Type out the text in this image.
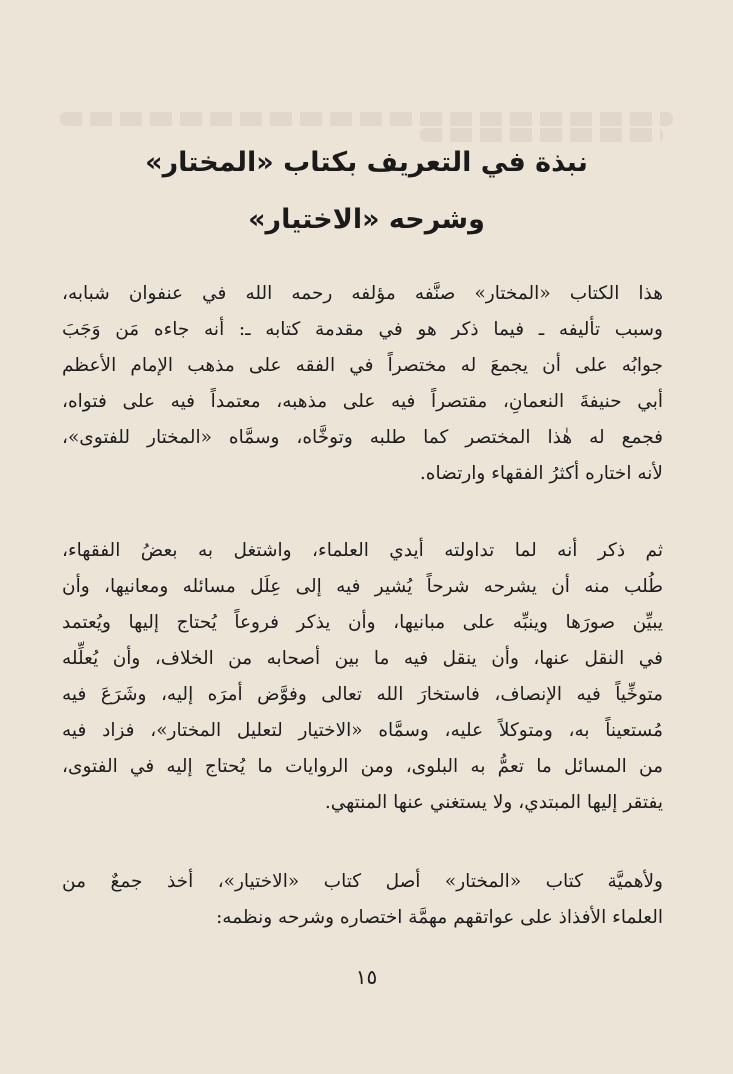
نبذة في التعريف بكتاب «المختار»
وشرحه «الاختيار»
هذا الكتاب «المختار» صنَّفه مؤلفه رحمه الله في عنفوان شبابه،
وسبب تأليفه ـ فيما ذكر هو في مقدمة كتابه ـ: أنه جاءه مَن وَجَبَ
جوابُه على أن يجمعَ له مختصراً في الفقه على مذهب الإمام الأعظم
أبي حنيفةَ النعمانِ، مقتصراً فيه على مذهبه، معتمداً فيه على فتواه،
فجمع له هٰذا المختصر كما طلبه وتوخَّاه، وسمَّاه «المختار للفتوى»،
لأنه اختاره أكثرُ الفقهاء وارتضاه.
ثم ذكر أنه لما تداولته أيدي العلماء، واشتغل به بعضُ الفقهاء،
طُلب منه أن يشرحه شرحاً يُشير فيه إلى عِلَل مسائله ومعانيها، وأن
يبيِّن صورَها وينبِّه على مبانيها، وأن يذكر فروعاً يُحتاج إليها ويُعتمد
في النقل عنها، وأن ينقل فيه ما بين أصحابه من الخلاف، وأن يُعلِّله
متوخِّياً فيه الإنصاف، فاستخارَ الله تعالى وفوَّض أمرَه إليه، وشَرَعَ فيه
مُستعيناً به، ومتوكلاً عليه، وسمَّاه «الاختيار لتعليل المختار»، فزاد فيه
من المسائل ما تعمُّ به البلوى، ومن الروايات ما يُحتاج إليه في الفتوى،
يفتقر إليها المبتدي، ولا يستغني عنها المنتهي.
ولأهميَّة كتاب «المختار» أصل كتاب «الاختيار»، أخذ جمعٌ من
العلماء الأفذاذ على عواتقهم مهمَّة اختصاره وشرحه ونظمه:
١٥
